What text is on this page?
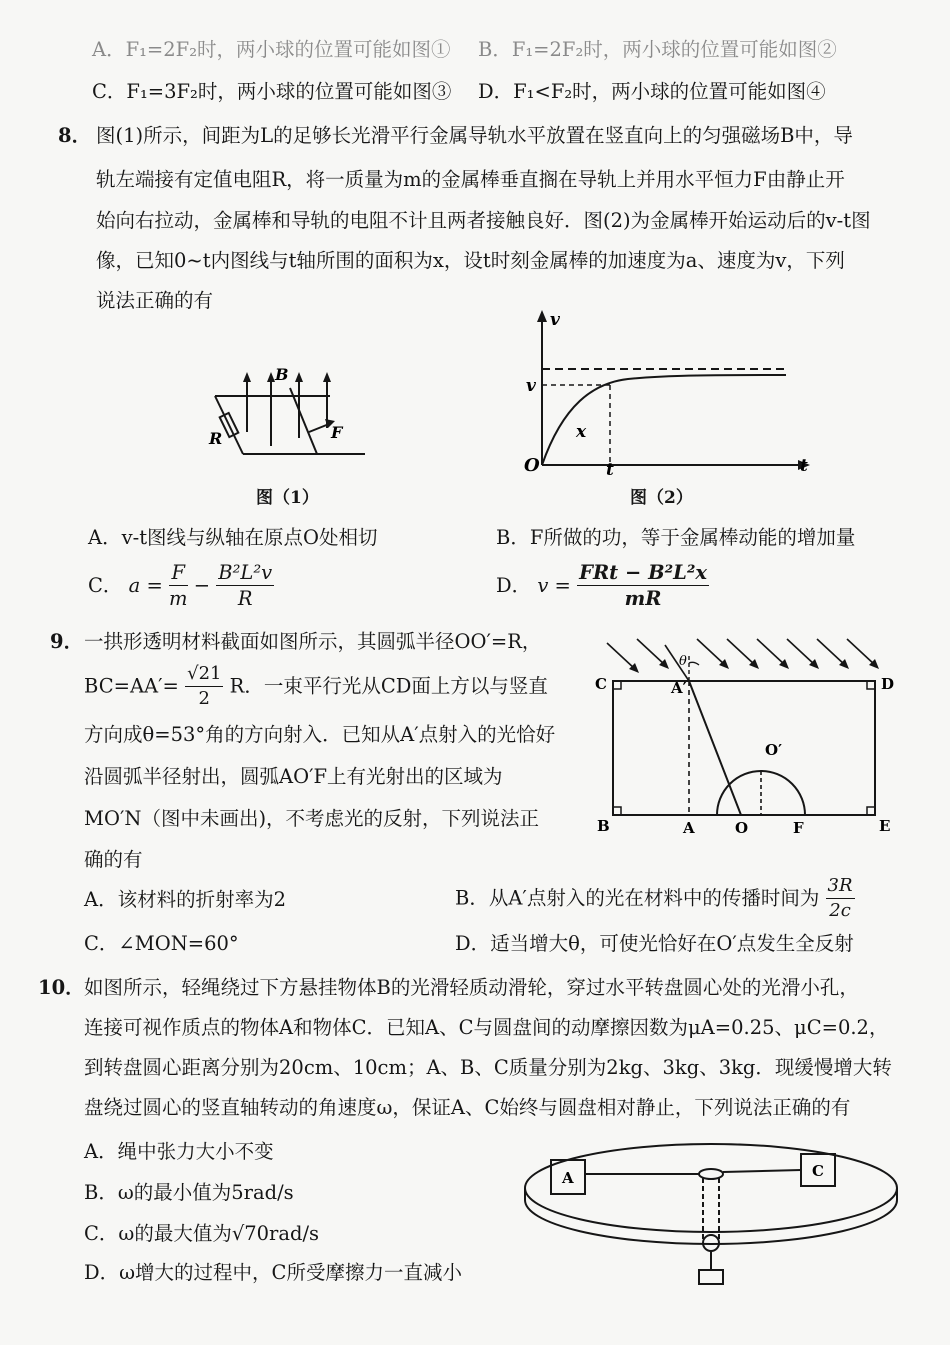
A．F₁=2F₂时，两小球的位置可能如图① B．F₁=2F₂时，两小球的位置可能如图②
C．F₁=3F₂时，两小球的位置可能如图③ D．F₁<F₂时，两小球的位置可能如图④
8． 图(1)所示，间距为L的足够长光滑平行金属导轨水平放置在竖直向上的匀强磁场B中，导
轨左端接有定值电阻R，将一质量为m的金属棒垂直搁在导轨上并用水平恒力F由静止开
始向右拉动，金属棒和导轨的电阻不计且两者接触良好．图(2)为金属棒开始运动后的v-t图
像，已知0~t内图线与t轴所围的面积为x，设t时刻金属棒的加速度为a、速度为v，下列
说法正确的有
B
R	F
图（1）
v
v
x
O	t	t
图（2）
A．v-t图线与纵轴在原点O处相切	B．F所做的功，等于金属棒动能的增加量
C． $a = \frac{F}{m} - \frac{\text{B²L²v}}{R}$	D． $v = \frac{\text{FRt − B²L²x}}{mR}$
9． 一拱形透明材料截面如图所示，其圆弧半径OO′=R，
$BC=AA'= \frac{√21}{2}$ R．一束平行光从CD面上方以与竖直
方向成θ=53°角的方向射入．已知从A′点射入的光恰好
沿圆弧半径射出，圆弧AO′F上有光射出的区域为
MO′N（图中未画出)，不考虑光的反射，下列说法正
确的有
C	D
A′
θ
O′
B	A	O	F	E
A．该材料的折射率为2	B．从A′点射入的光在材料中的传播时间为 $\frac{3R}{2c}$
C．∠MON=60°	D．适当增大θ，可使光恰好在O′点发生全反射
10． 如图所示，轻绳绕过下方悬挂物体B的光滑轻质动滑轮，穿过水平转盘圆心处的光滑小孔，
连接可视作质点的物体A和物体C．已知A、C与圆盘间的动摩擦因数为μA=0.25、μC=0.2，
到转盘圆心距离分别为20cm、10cm；A、B、C质量分别为2kg、3kg、3kg．现缓慢增大转
盘绕过圆心的竖直轴转动的角速度ω，保证A、C始终与圆盘相对静止，下列说法正确的有
A．绳中张力大小不变
B．ω的最小值为5rad/s
C．ω的最大值为√70rad/s
D．ω增大的过程中，C所受摩擦力一直减小
A	C
